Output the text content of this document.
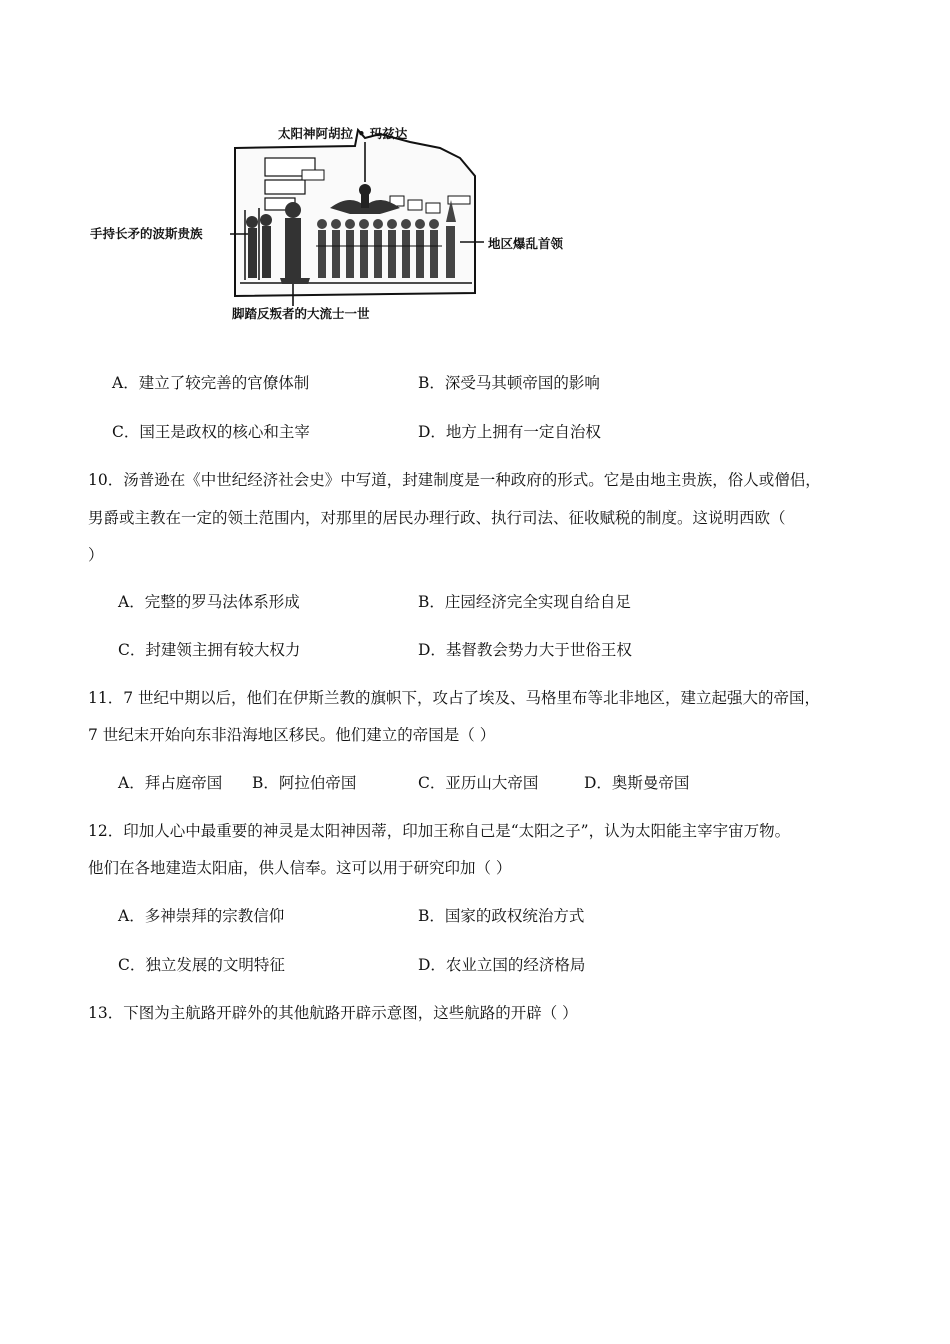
太阳神阿胡拉 • 玛兹达
手持长矛的波斯贵族
地区爆乱首领
脚踏反叛者的大流士一世
A．建立了较完善的官僚体制	B．深受马其顿帝国的影响
C．国王是政权的核心和主宰	D．地方上拥有一定自治权
10．汤普逊在《中世纪经济社会史》中写道，封建制度是一种政府的形式。它是由地主贵族，俗人或僧侣，
男爵或主教在一定的领土范围内，对那里的居民办理行政、执行司法、征收赋税的制度。这说明西欧（
）
A．完整的罗马法体系形成	B．庄园经济完全实现自给自足
C．封建领主拥有较大权力	D．基督教会势力大于世俗王权
11．7 世纪中期以后，他们在伊斯兰教的旗帜下，攻占了埃及、马格里布等北非地区，建立起强大的帝国，
7 世纪末开始向东非沿海地区移民。他们建立的帝国是（ ）
A．拜占庭帝国 B．阿拉伯帝国	C．亚历山大帝国	D．奥斯曼帝国
12．印加人心中最重要的神灵是太阳神因蒂，印加王称自己是“太阳之子”，认为太阳能主宰宇宙万物。
他们在各地建造太阳庙，供人信奉。这可以用于研究印加（ ）
A．多神崇拜的宗教信仰	B．国家的政权统治方式
C．独立发展的文明特征	D．农业立国的经济格局
13．下图为主航路开辟外的其他航路开辟示意图，这些航路的开辟（ ）
